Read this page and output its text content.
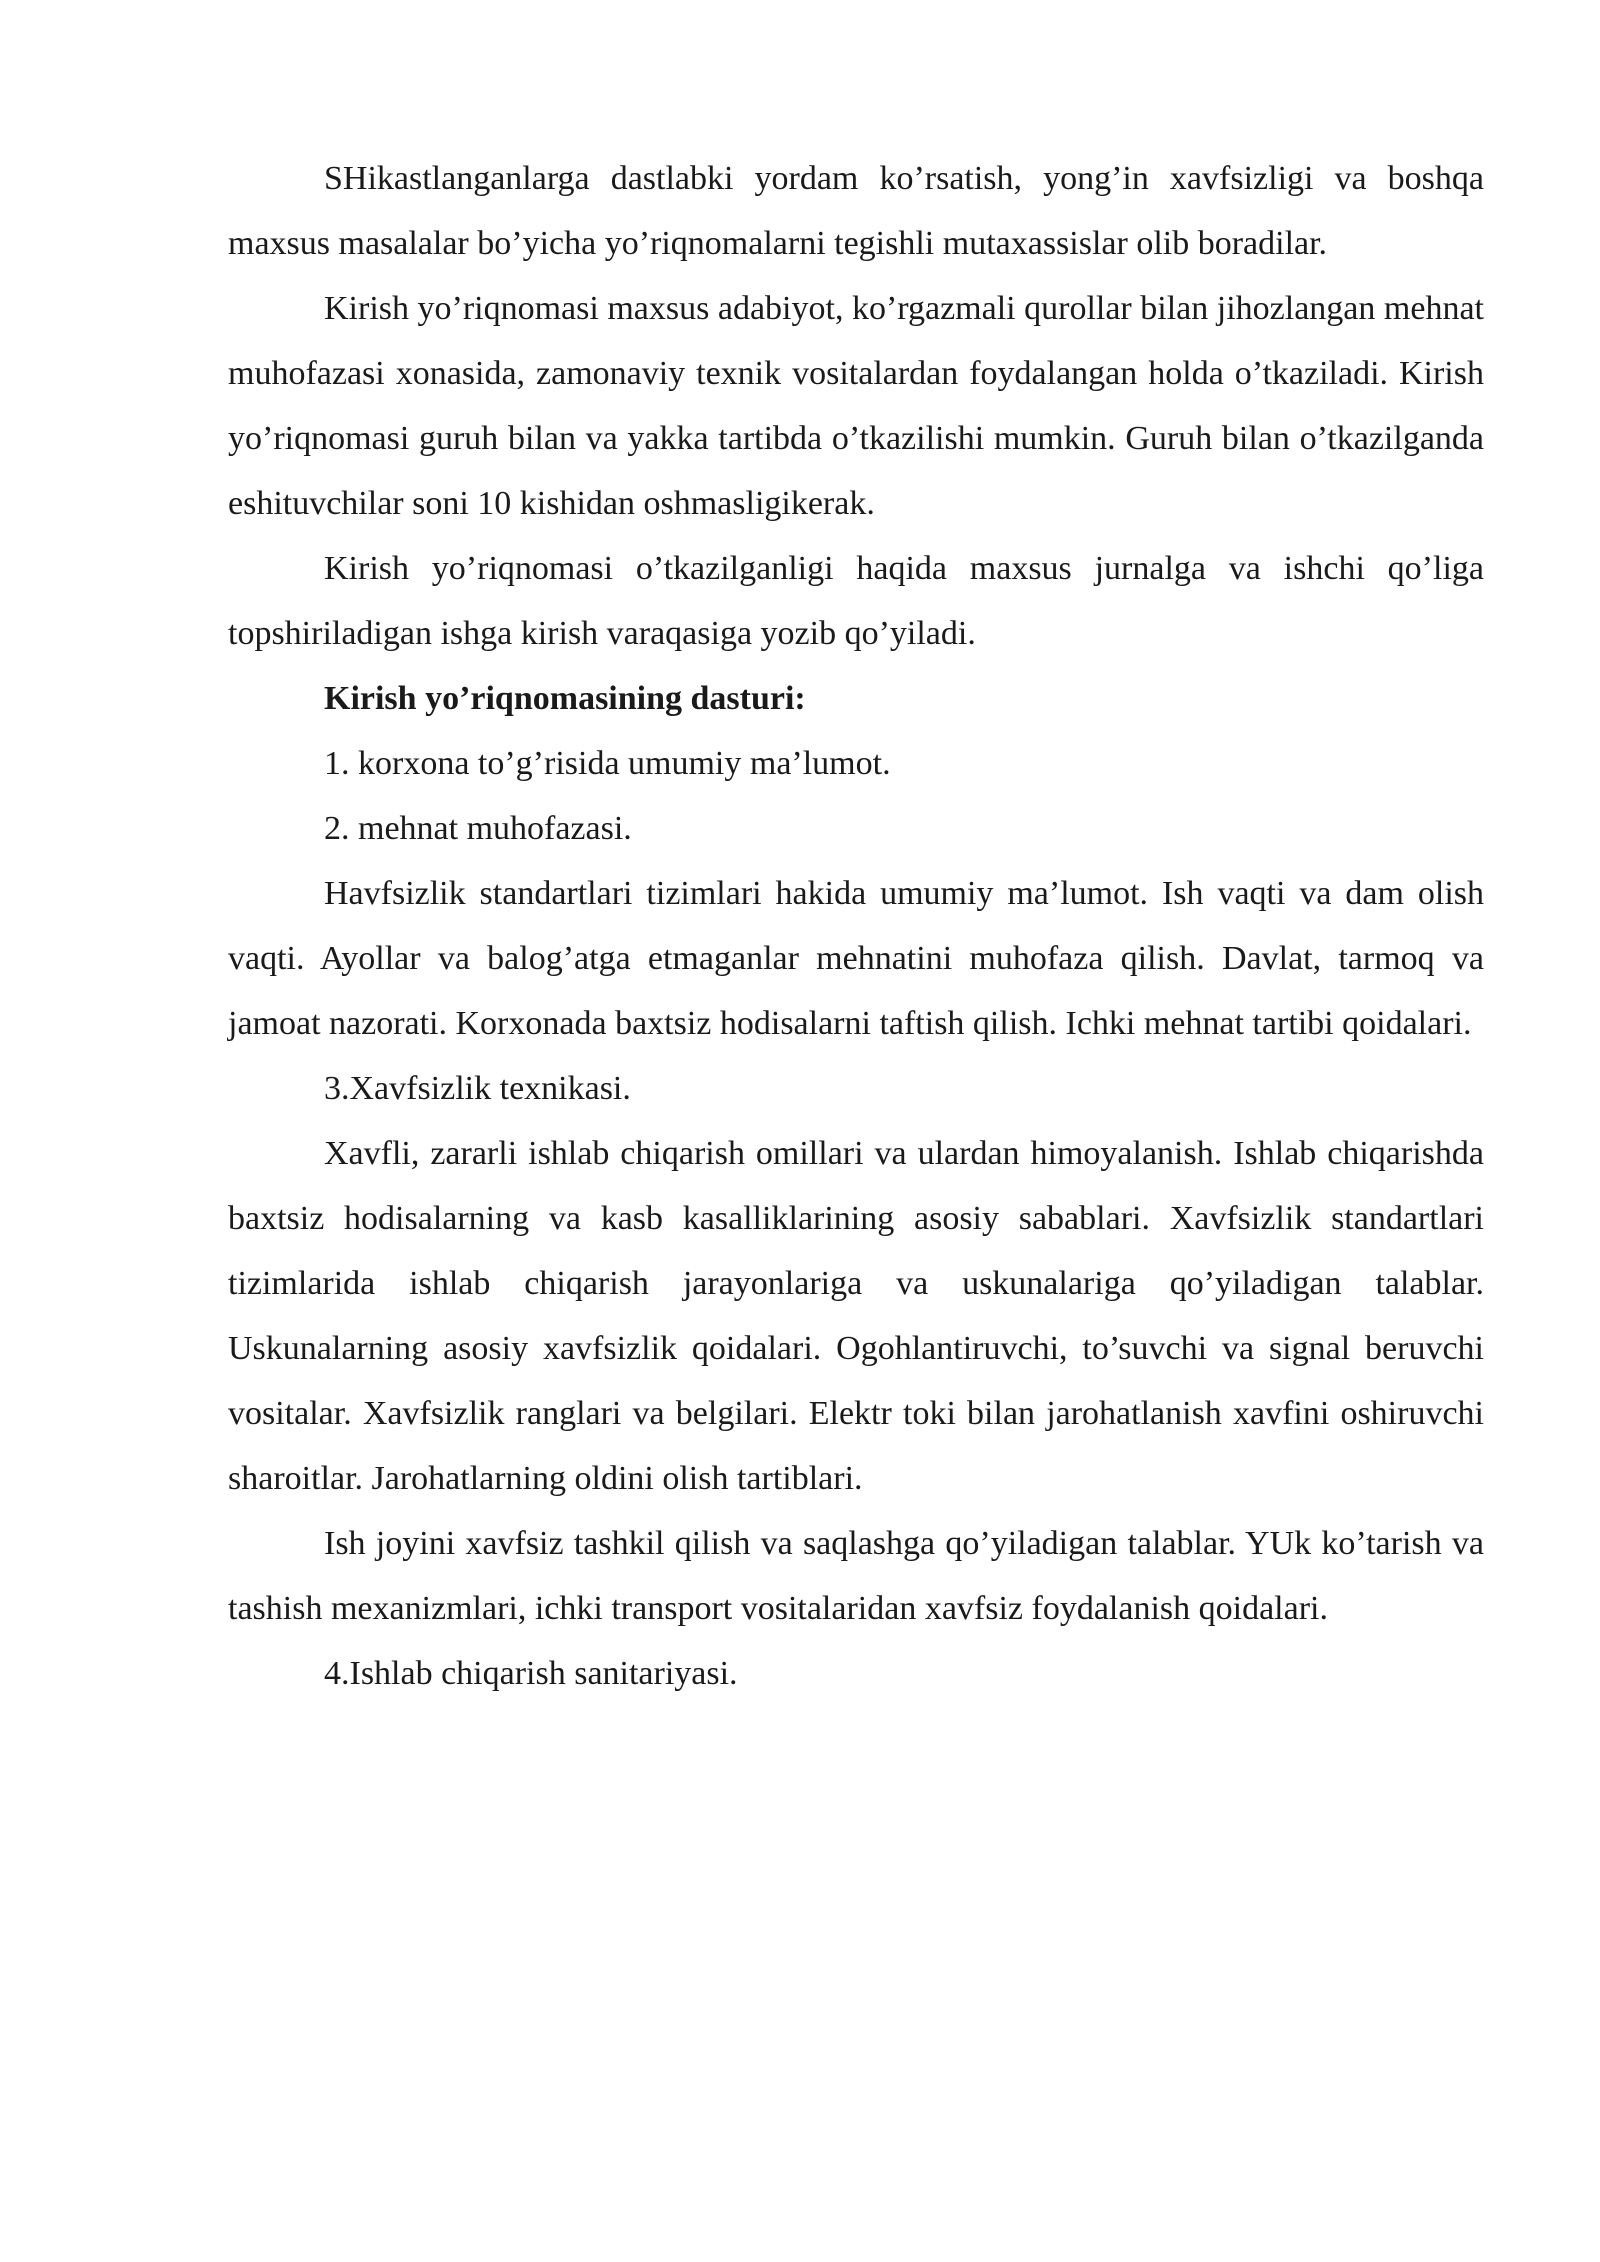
SHikastlanganlarga dastlabki yordam ko’rsatish, yong’in xavfsizligi va boshqa maxsus masalalar bo’yicha yo’riqnomalarni tegishli mutaxassislar olib boradilar.

Kirish yo’riqnomasi maxsus adabiyot, ko’rgazmali qurollar bilan jihozlangan mehnat muhofazasi xonasida, zamonaviy texnik vositalardan foydalangan holda o’tkaziladi. Kirish yo’riqnomasi guruh bilan va yakka tartibda o’tkazilishi mumkin. Guruh bilan o’tkazilganda eshituvchilar soni 10 kishidan oshmasligikerak.

Kirish yo’riqnomasi o’tkazilganligi haqida maxsus jurnalga va ishchi qo’liga topshiriladigan ishga kirish varaqasiga yozib qo’yiladi.

Kirish yo’riqnomasining dasturi:

1. korxona to’g’risida umumiy ma’lumot.

2. mehnat muhofazasi.

Havfsizlik standartlari tizimlari hakida umumiy ma’lumot. Ish vaqti va dam olish vaqti. Ayollar va balog’atga etmaganlar mehnatini muhofaza qilish. Davlat, tarmoq va jamoat nazorati. Korxonada baxtsiz hodisalarni taftish qilish. Ichki mehnat tartibi qoidalari.

3.Xavfsizlik texnikasi.

Xavfli, zararli ishlab chiqarish omillari va ulardan himoyalanish. Ishlab chiqarishda baxtsiz hodisalarning va kasb kasalliklarining asosiy sabablari. Xavfsizlik standartlari tizimlarida ishlab chiqarish jarayonlariga va uskunalariga qo’yiladigan talablar. Uskunalarning asosiy xavfsizlik qoidalari. Ogohlantiruvchi, to’suvchi va signal beruvchi vositalar. Xavfsizlik ranglari va belgilari. Elektr toki bilan jarohatlanish xavfini oshiruvchi sharoitlar. Jarohatlarning oldini olish tartiblari.

Ish joyini xavfsiz tashkil qilish va saqlashga qo’yiladigan talablar. YUk ko’tarish va tashish mexanizmlari, ichki transport vositalaridan xavfsiz foydalanish qoidalari.

4.Ishlab chiqarish sanitariyasi.
